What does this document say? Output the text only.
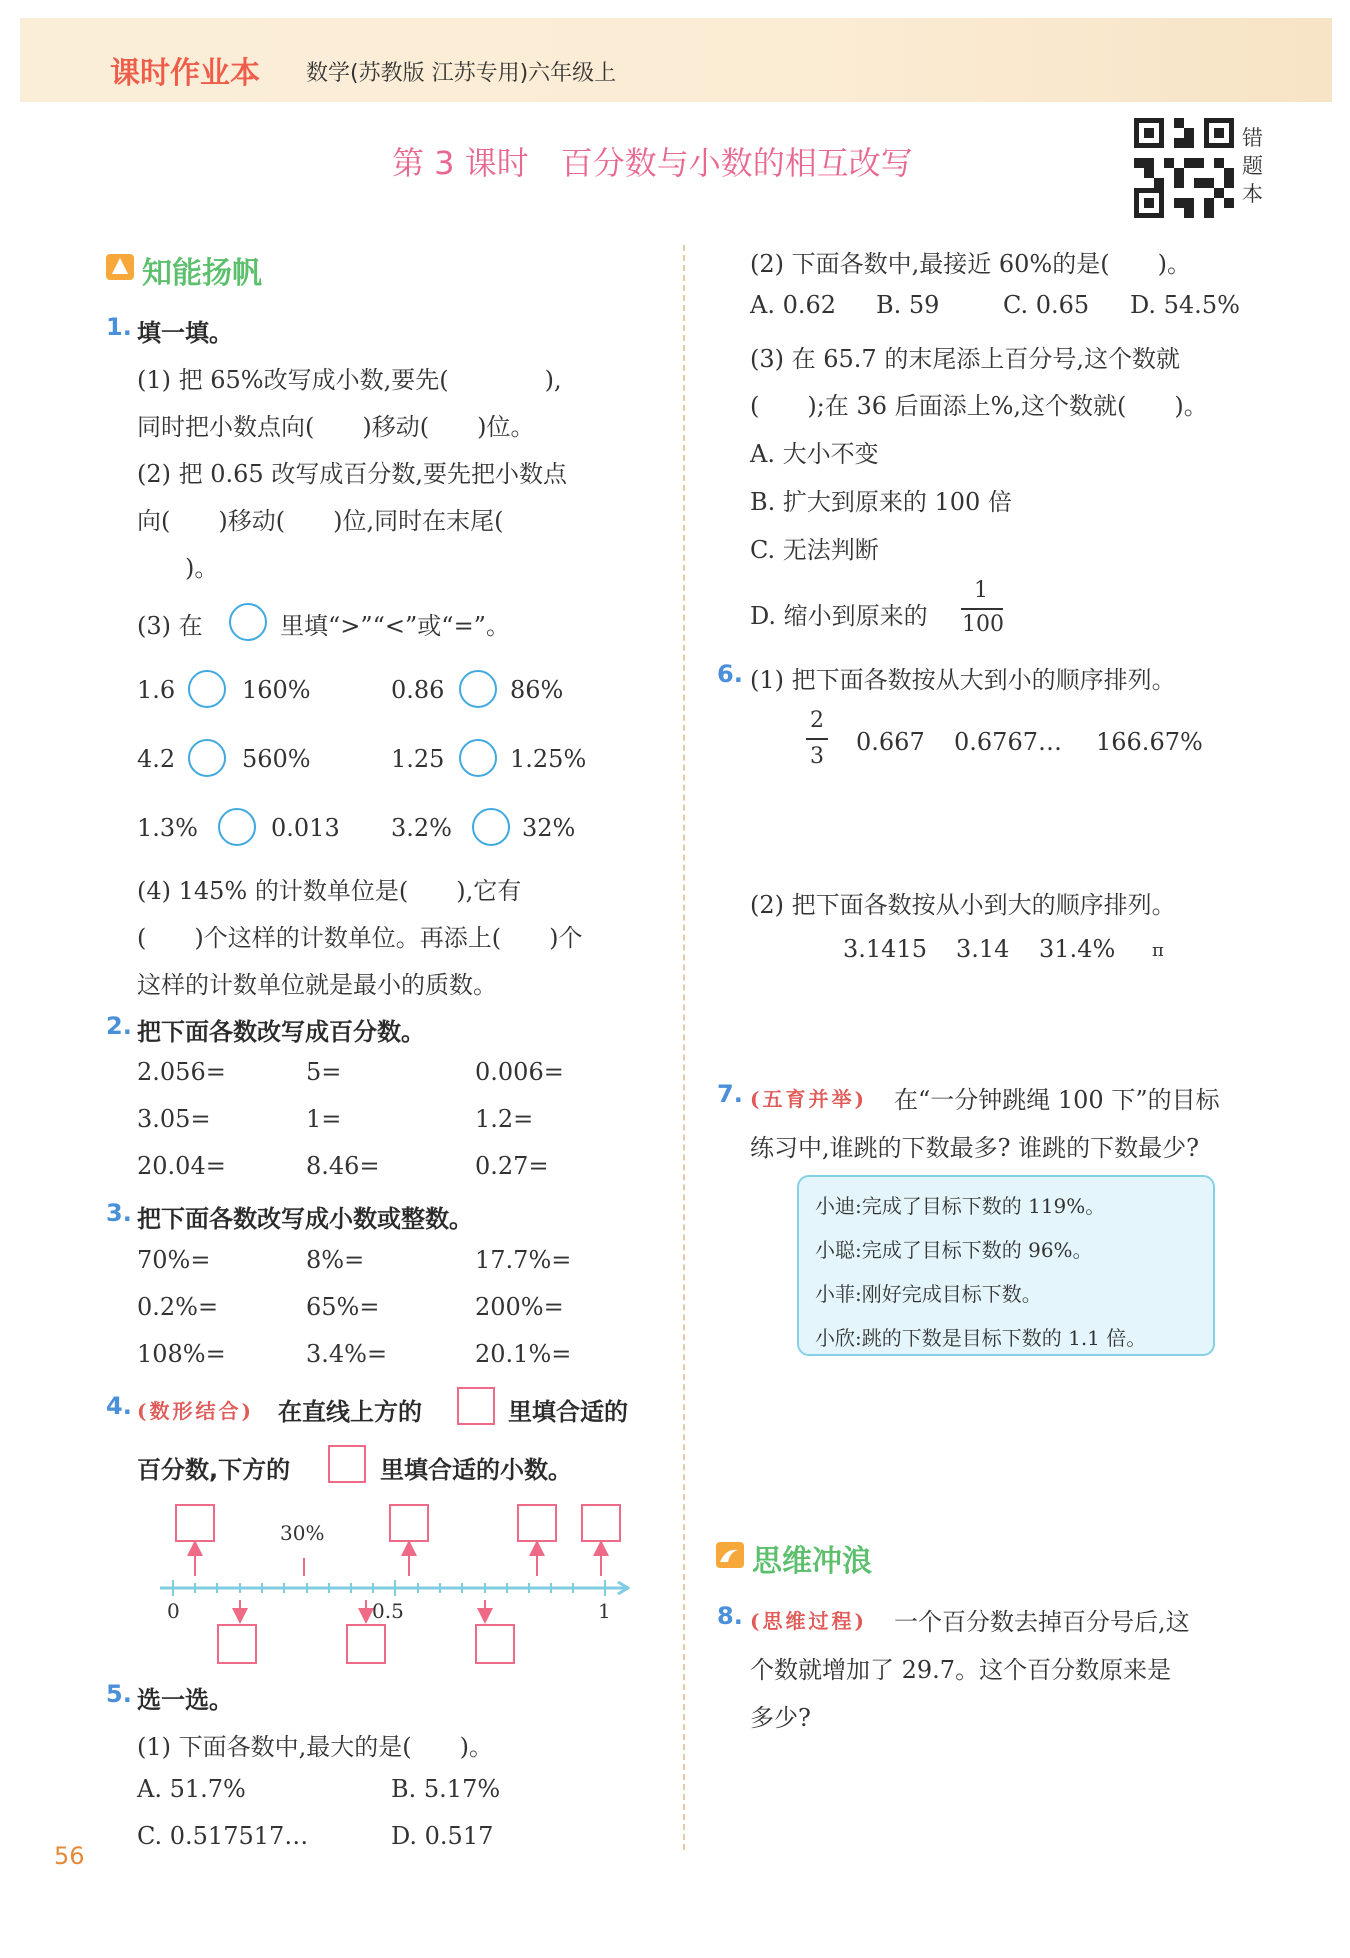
课时作业本 数学(苏教版 江苏专用)六年级上
第 3 课时　百分数与小数的相互改写
错题本
知能扬帆
1. 填一填。
(1) 把 65%改写成小数,要先(　　　　),
同时把小数点向(　　)移动(　　)位。
(2) 把 0.65 改写成百分数,要先把小数点
向(　　)移动(　　)位,同时在末尾(
　　)。
(3) 在	里填“>”“<”或“=”。
1.6	160%	0.86	86%
4.2	560%	1.25	1.25%
1.3%	0.013 3.2%	32%
(4) 145% 的计数单位是(　　),它有
(　　)个这样的计数单位。再添上(　　)个
这样的计数单位就是最小的质数。
2. 把下面各数改写成百分数。
2.056=	5=	0.006=
3.05=	1=	1.2=
20.04=	8.46=	0.27=
3. 把下面各数改写成小数或整数。
70%=	8%=	17.7%=
0.2%=	65%=	200%=
108%=	3.4%=	20.1%=
4. (数形结合) 在直线上方的	里填合适的
百分数,下方的	里填合适的小数。
30%
0	0.5	1
5. 选一选。
(1) 下面各数中,最大的是(　　)。
A. 51.7%	B. 5.17%
C. 0.517517…	D. 0.517
56
(2) 下面各数中,最接近 60%的是(　　)。
A. 0.62 B. 59	C. 0.65 D. 54.5%
(3) 在 65.7 的末尾添上百分号,这个数就
(　　);在 36 后面添上%,这个数就(　　)。
A. 大小不变
B. 扩大到原来的 100 倍
C. 无法判断
D. 缩小到原来的
1
100
6. (1) 把下面各数按从大到小的顺序排列。
2
3
0.667 0.6767… 166.67%
(2) 把下面各数按从小到大的顺序排列。
3.1415 3.14 31.4% π
7. (五育并举) 在“一分钟跳绳 100 下”的目标
练习中,谁跳的下数最多? 谁跳的下数最少?
小迪:完成了目标下数的 119%。
小聪:完成了目标下数的 96%。
小菲:刚好完成目标下数。
小欣:跳的下数是目标下数的 1.1 倍。
思维冲浪
8. (思维过程) 一个百分数去掉百分号后,这
个数就增加了 29.7。这个百分数原来是
多少?
